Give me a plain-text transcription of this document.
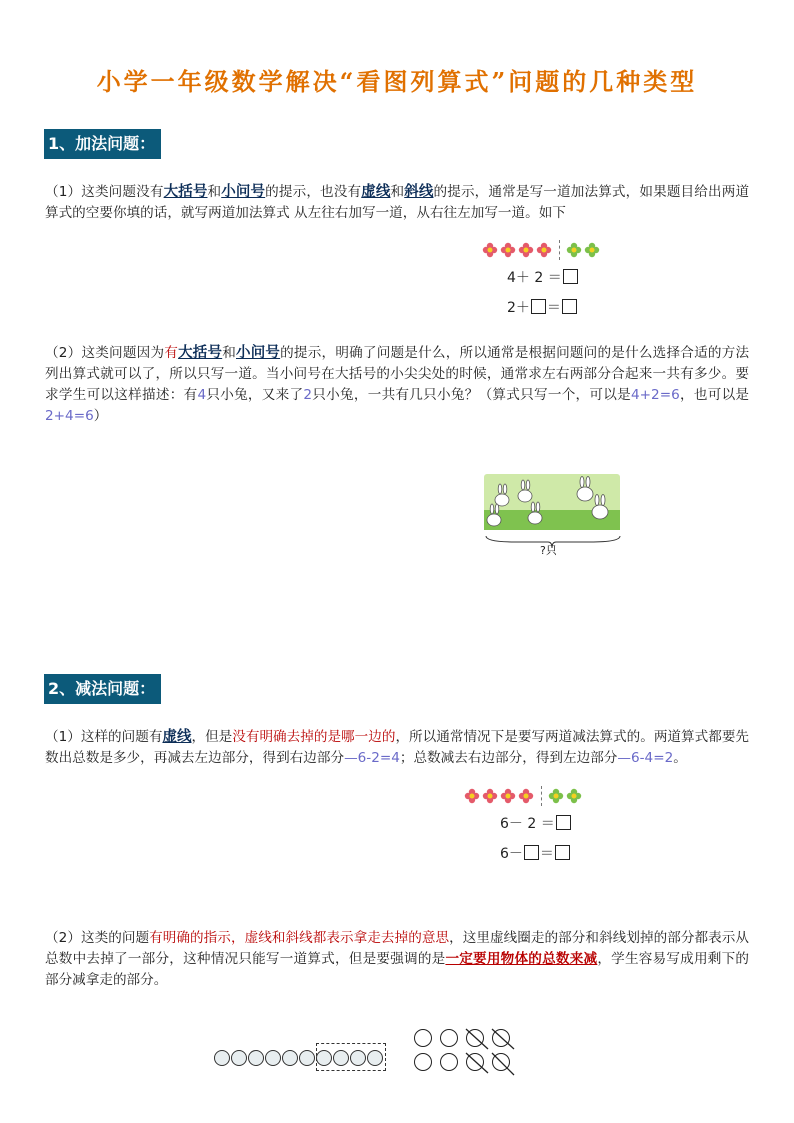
小学一年级数学解决“看图列算式”问题的几种类型
1、加法问题：
（1）这类问题没有大括号和小问号的提示，也没有虚线和斜线的提示，通常是写一道加法算式，如果题目给出两道算式的空要你填的话，就写两道加法算式 从左往右加写一道，从右往左加写一道。如下
4＋ 2 ＝
2＋ ＝
（2）这类问题因为有大括号和小问号的提示，明确了问题是什么，所以通常是根据问题问的是什么选择合适的方法列出算式就可以了，所以只写一道。当小问号在大括号的小尖尖处的时候，通常求左右两部分合起来一共有多少。要求学生可以这样描述：有4只小兔，又来了2只小兔，一共有几只小兔？（算式只写一个，可以是4+2=6，也可以是2+4=6）
?只
2、减法问题：
（1）这样的问题有虚线，但是没有明确去掉的是哪一边的，所以通常情况下是要写两道减法算式的。两道算式都要先数出总数是多少，再减去左边部分，得到右边部分—6-2=4；总数减去右边部分，得到左边部分—6-4=2。
6－ 2 ＝
6－ ＝
（2）这类的问题有明确的指示，虚线和斜线都表示拿走去掉的意思，这里虚线圈走的部分和斜线划掉的部分都表示从总数中去掉了一部分，这种情况只能写一道算式，但是要强调的是一定要用物体的总数来减，学生容易写成用剩下的部分减拿走的部分。
